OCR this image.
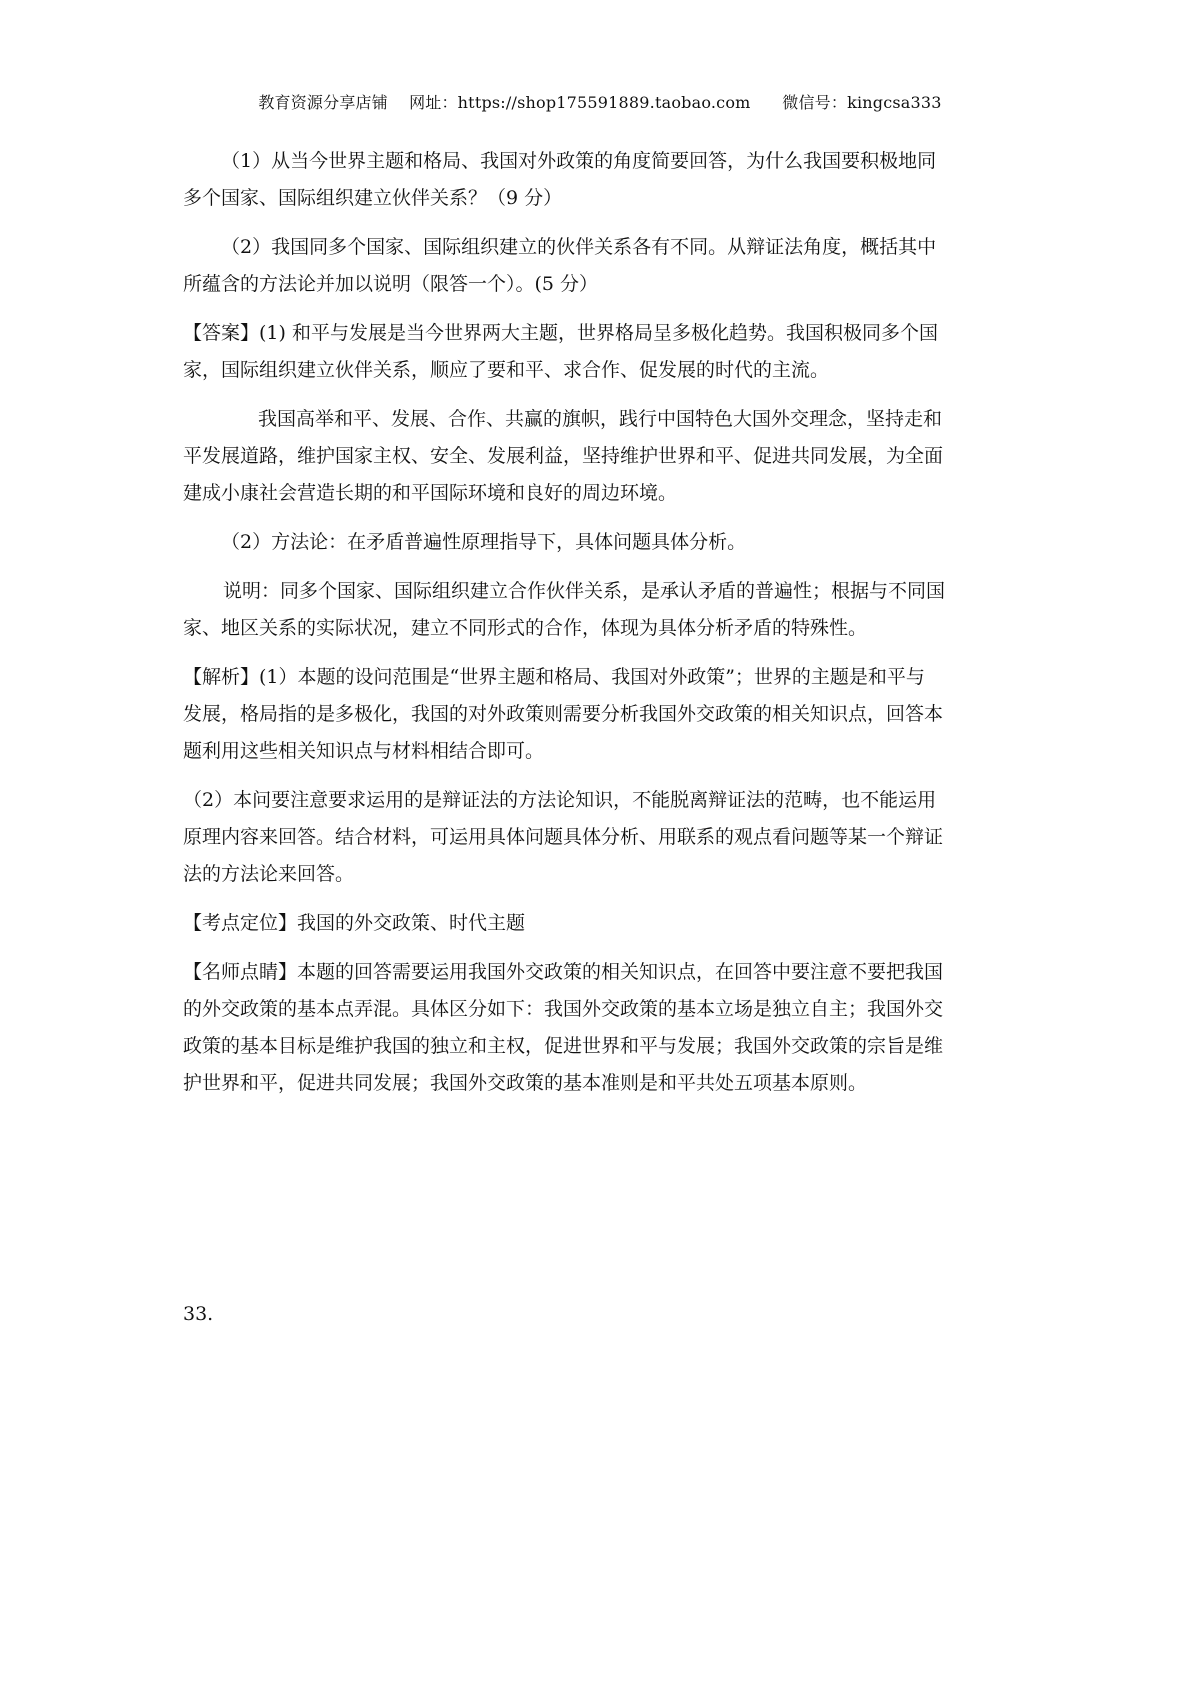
教育资源分享店铺 网址：https://shop175591889.taobao.com 微信号：kingcsa333
（1）从当今世界主题和格局、我国对外政策的角度简要回答，为什么我国要积极地同
多个国家、国际组织建立伙伴关系？（9 分）
（2）我国同多个国家、国际组织建立的伙伴关系各有不同。从辩证法角度，概括其中
所蕴含的方法论并加以说明（限答一个）。(5 分）
【答案】(1) 和平与发展是当今世界两大主题，世界格局呈多极化趋势。我国积极同多个国
家，国际组织建立伙伴关系，顺应了要和平、求合作、促发展的时代的主流。
我国高举和平、发展、合作、共赢的旗帜，践行中国特色大国外交理念，坚持走和
平发展道路，维护国家主权、安全、发展利益，坚持维护世界和平、促进共同发展，为全面
建成小康社会营造长期的和平国际环境和良好的周边环境。
（2）方法论：在矛盾普遍性原理指导下，具体问题具体分析。
说明：同多个国家、国际组织建立合作伙伴关系，是承认矛盾的普遍性；根据与不同国
家、地区关系的实际状况，建立不同形式的合作，体现为具体分析矛盾的特殊性。
【解析】(1）本题的设问范围是“世界主题和格局、我国对外政策”；世界的主题是和平与
发展，格局指的是多极化，我国的对外政策则需要分析我国外交政策的相关知识点，回答本
题利用这些相关知识点与材料相结合即可。
（2）本问要注意要求运用的是辩证法的方法论知识，不能脱离辩证法的范畴，也不能运用
原理内容来回答。结合材料，可运用具体问题具体分析、用联系的观点看问题等某一个辩证
法的方法论来回答。
【考点定位】我国的外交政策、时代主题
【名师点睛】本题的回答需要运用我国外交政策的相关知识点，在回答中要注意不要把我国
的外交政策的基本点弄混。具体区分如下：我国外交政策的基本立场是独立自主；我国外交
政策的基本目标是维护我国的独立和主权，促进世界和平与发展；我国外交政策的宗旨是维
护世界和平，促进共同发展；我国外交政策的基本准则是和平共处五项基本原则。
33.
